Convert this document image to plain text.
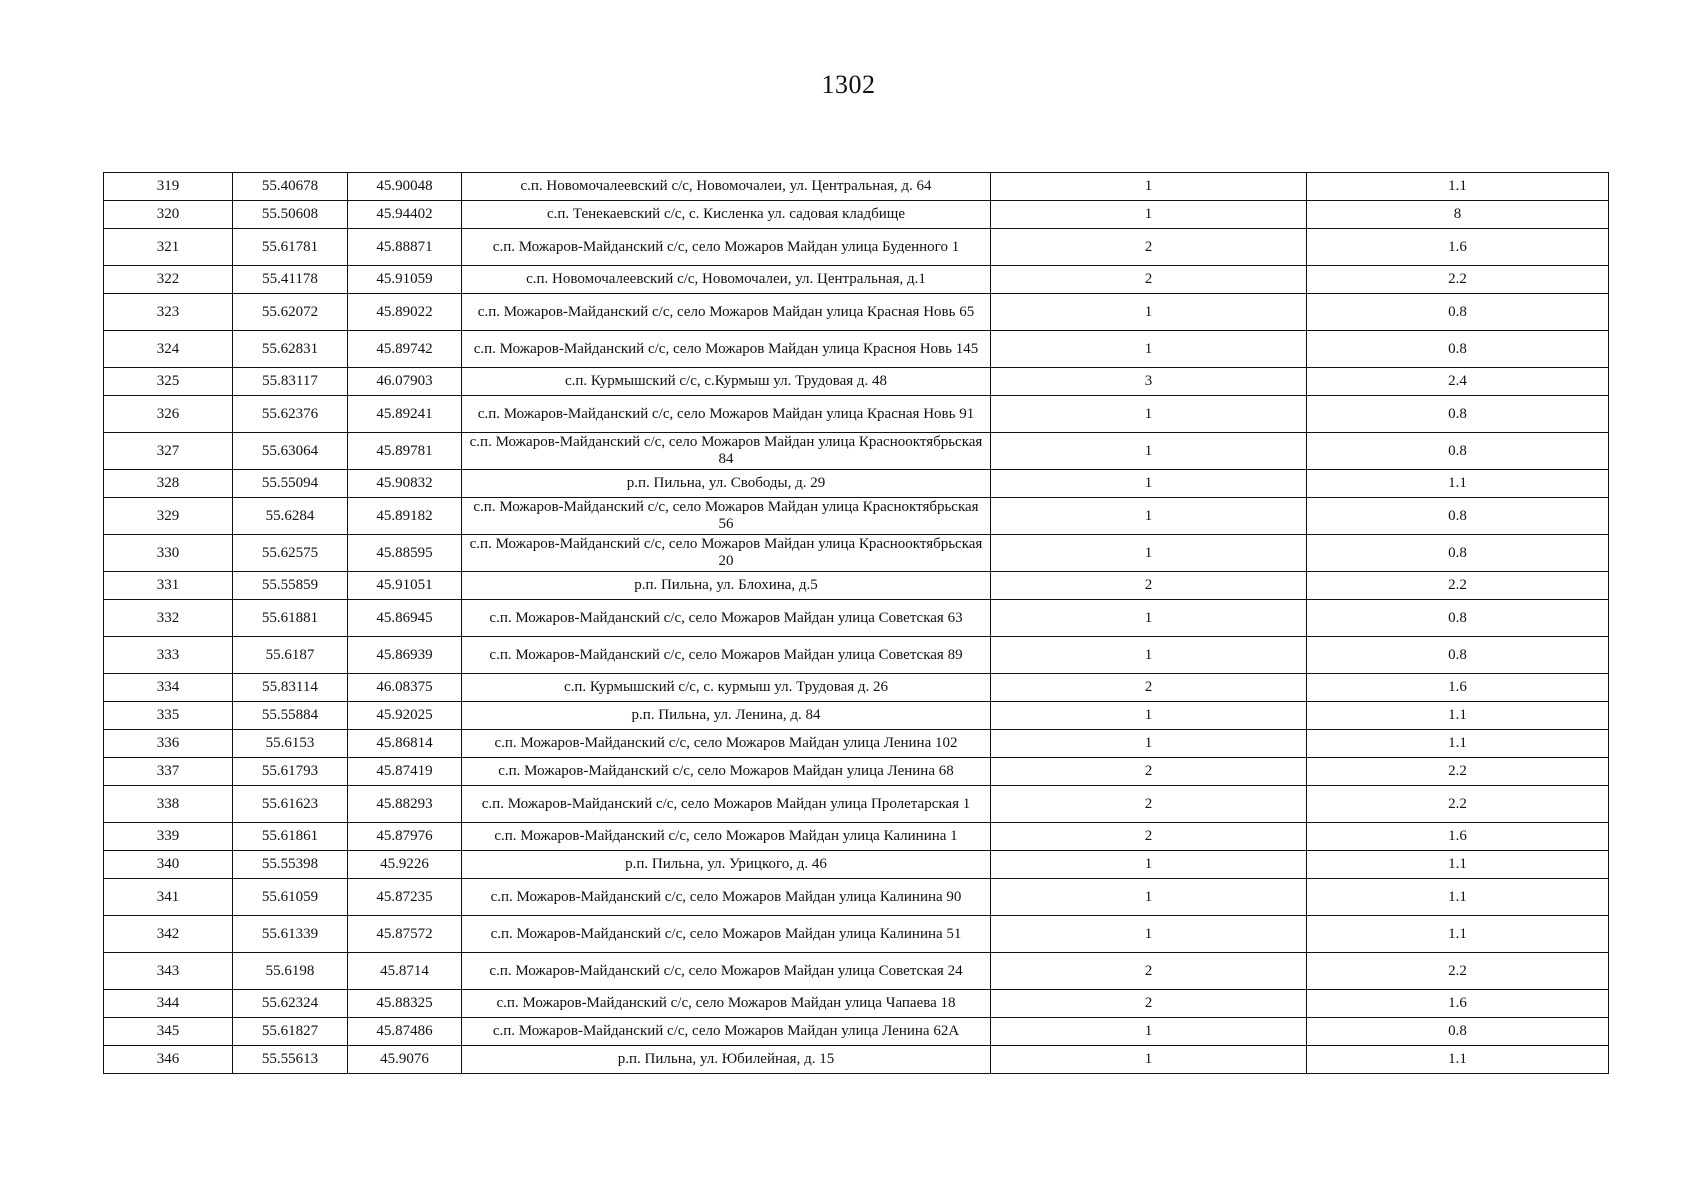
1302
319	55.40678	45.90048	с.п. Новомочалеевский с/с, Новомочалеи, ул. Центральная, д. 64	1	1.1
320	55.50608	45.94402	с.п. Тенекаевский с/с, с. Кисленка ул. садовая кладбище	1	8
321	55.61781	45.88871	с.п. Можаров-Майданский с/с, село Можаров Майдан улица Буденного 1	2	1.6
322	55.41178	45.91059	с.п. Новомочалеевский с/с, Новомочалеи, ул. Центральная, д.1	2	2.2
323	55.62072	45.89022	с.п. Можаров-Майданский с/с, село Можаров Майдан улица Красная Новь 65	1	0.8
324	55.62831	45.89742	с.п. Можаров-Майданский с/с, село Можаров Майдан улица Красноя Новь 145	1	0.8
325	55.83117	46.07903	с.п. Курмышский с/с, с.Курмыш ул. Трудовая д. 48	3	2.4
326	55.62376	45.89241	с.п. Можаров-Майданский с/с, село Можаров Майдан улица Красная Новь 91	1	0.8
327	55.63064	45.89781	с.п. Можаров-Майданский с/с, село Можаров Майдан улица Краснооктябрьская 84	1	0.8
328	55.55094	45.90832	р.п. Пильна, ул. Свободы, д. 29	1	1.1
329	55.6284	45.89182	с.п. Можаров-Майданский с/с, село Можаров Майдан улица Красноктябрьская 56	1	0.8
330	55.62575	45.88595	с.п. Можаров-Майданский с/с, село Можаров Майдан улица Краснооктябрьская 20	1	0.8
331	55.55859	45.91051	р.п. Пильна, ул. Блохина, д.5	2	2.2
332	55.61881	45.86945	с.п. Можаров-Майданский с/с, село Можаров Майдан улица Советская 63	1	0.8
333	55.6187	45.86939	с.п. Можаров-Майданский с/с, село Можаров Майдан улица Советская 89	1	0.8
334	55.83114	46.08375	с.п. Курмышский с/с, с. курмыш ул. Трудовая д. 26	2	1.6
335	55.55884	45.92025	р.п. Пильна, ул. Ленина, д. 84	1	1.1
336	55.6153	45.86814	с.п. Можаров-Майданский с/с, село Можаров Майдан улица Ленина 102	1	1.1
337	55.61793	45.87419	с.п. Можаров-Майданский с/с, село Можаров Майдан улица Ленина 68	2	2.2
338	55.61623	45.88293	с.п. Можаров-Майданский с/с, село Можаров Майдан улица Пролетарская 1	2	2.2
339	55.61861	45.87976	с.п. Можаров-Майданский с/с, село Можаров Майдан улица Калинина 1	2	1.6
340	55.55398	45.9226	р.п. Пильна, ул. Урицкого, д. 46	1	1.1
341	55.61059	45.87235	с.п. Можаров-Майданский с/с, село Можаров Майдан улица Калинина 90	1	1.1
342	55.61339	45.87572	с.п. Можаров-Майданский с/с, село Можаров Майдан улица Калинина 51	1	1.1
343	55.6198	45.8714	с.п. Можаров-Майданский с/с, село Можаров Майдан улица Советская 24	2	2.2
344	55.62324	45.88325	с.п. Можаров-Майданский с/с, село Можаров Майдан улица Чапаева 18	2	1.6
345	55.61827	45.87486	с.п. Можаров-Майданский с/с, село Можаров Майдан улица Ленина 62А	1	0.8
346	55.55613	45.9076	р.п. Пильна, ул. Юбилейная, д. 15	1	1.1
